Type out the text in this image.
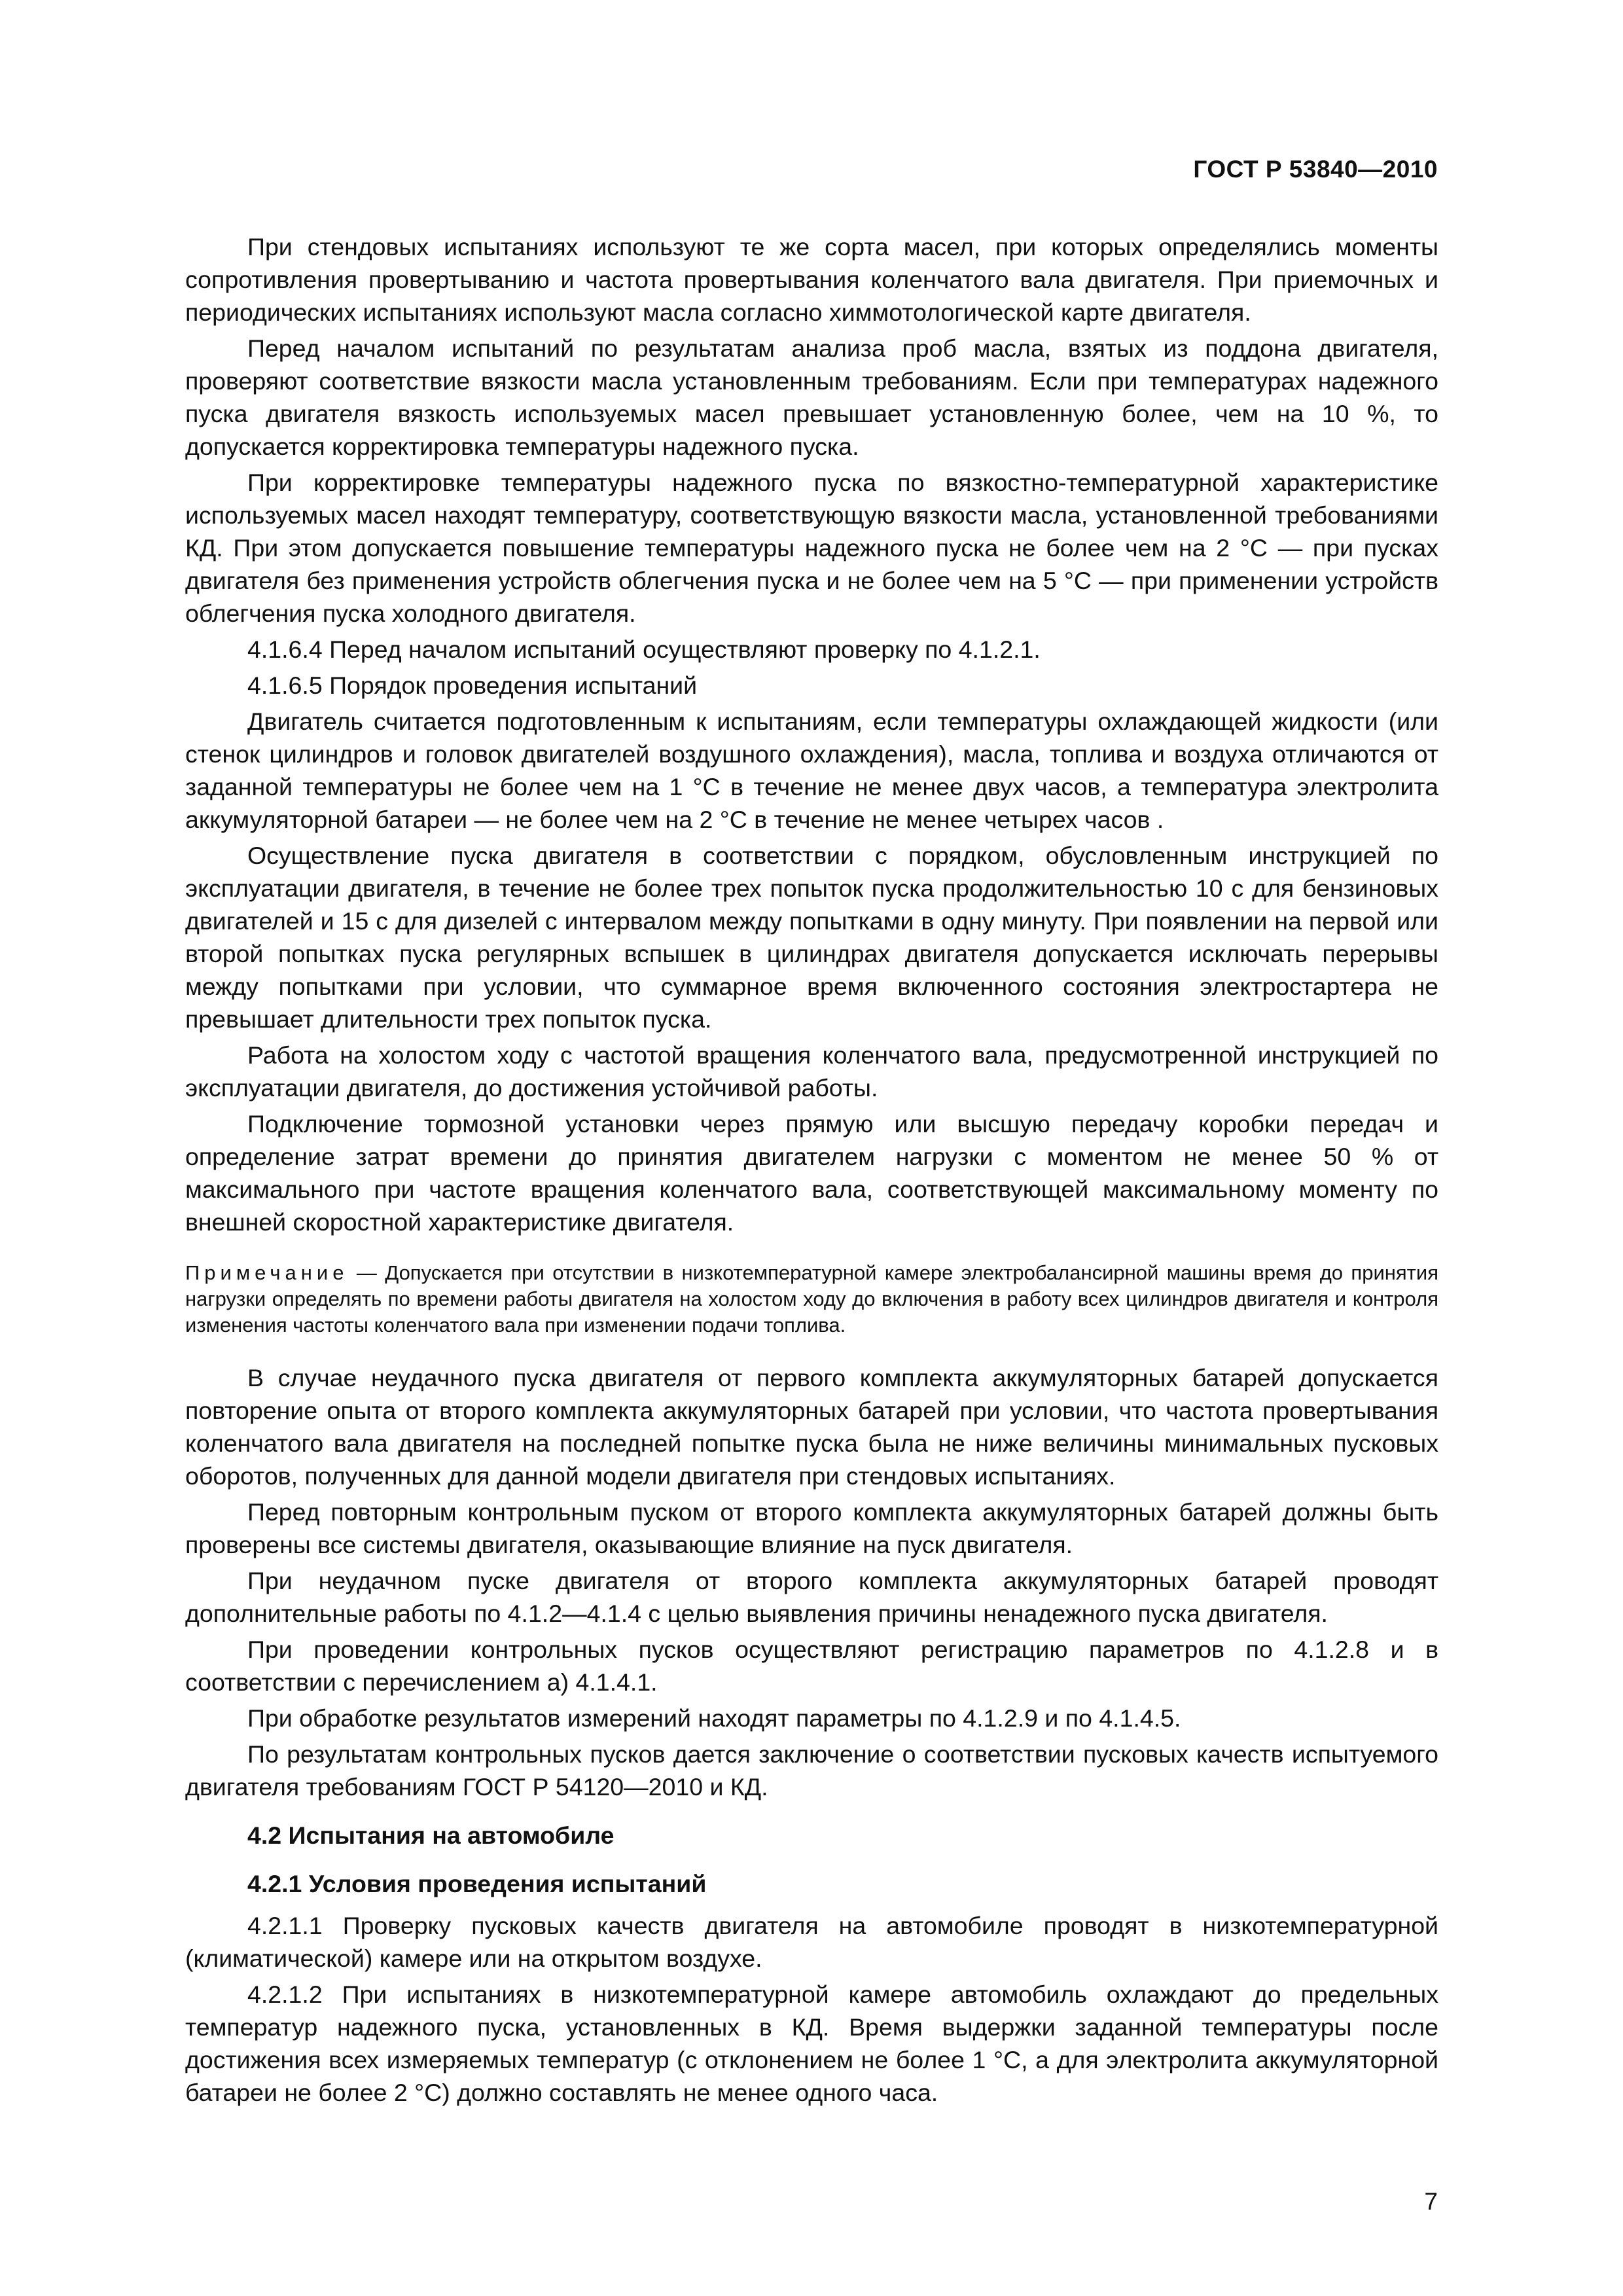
ГОСТ Р 53840—2010

При стендовых испытаниях используют те же сорта масел, при которых определялись моменты сопротивления провертыванию и частота провертывания коленчатого вала двигателя. При приемочных и периодических испытаниях используют масла согласно химмотологической карте двигателя.

Перед началом испытаний по результатам анализа проб масла, взятых из поддона двигателя, проверяют соответствие вязкости масла установленным требованиям. Если при температурах надежного пуска двигателя вязкость используемых масел превышает установленную более, чем на 10 %, то допускается корректировка температуры надежного пуска.

При корректировке температуры надежного пуска по вязкостно-температурной характеристике используемых масел находят температуру, соответствующую вязкости масла, установленной требованиями КД. При этом допускается повышение температуры надежного пуска не более чем на 2 °С — при пусках двигателя без применения устройств облегчения пуска и не более чем на 5 °С — при применении устройств облегчения пуска холодного двигателя.

4.1.6.4 Перед началом испытаний осуществляют проверку по 4.1.2.1.

4.1.6.5 Порядок проведения испытаний

Двигатель считается подготовленным к испытаниям, если температуры охлаждающей жидкости (или стенок цилиндров и головок двигателей воздушного охлаждения), масла, топлива и воздуха отличаются от заданной температуры не более чем на 1 °С в течение не менее двух часов, а температура электролита аккумуляторной батареи — не более чем на 2 °С в течение не менее четырех часов .

Осуществление пуска двигателя в соответствии с порядком, обусловленным инструкцией по эксплуатации двигателя, в течение не более трех попыток пуска продолжительностью 10 с для бензиновых двигателей и 15 с для дизелей с интервалом между попытками в одну минуту. При появлении на первой или второй попытках пуска регулярных вспышек в цилиндрах двигателя допускается исключать перерывы между попытками при условии, что суммарное время включенного состояния электростартера не превышает длительности трех попыток пуска.

Работа на холостом ходу с частотой вращения коленчатого вала, предусмотренной инструкцией по эксплуатации двигателя, до достижения устойчивой работы.

Подключение тормозной установки через прямую или высшую передачу коробки передач и определение затрат времени до принятия двигателем нагрузки с моментом не менее 50 % от максимального при частоте вращения коленчатого вала, соответствующей максимальному моменту по внешней скоростной характеристике двигателя.

Примечание — Допускается при отсутствии в низкотемпературной камере электробалансирной машины время до принятия нагрузки определять по времени работы двигателя на холостом ходу до включения в работу всех цилиндров двигателя и контроля изменения частоты коленчатого вала при изменении подачи топлива.

В случае неудачного пуска двигателя от первого комплекта аккумуляторных батарей допускается повторение опыта от второго комплекта аккумуляторных батарей при условии, что частота провертывания коленчатого вала двигателя на последней попытке пуска была не ниже величины минимальных пусковых оборотов, полученных для данной модели двигателя при стендовых испытаниях.

Перед повторным контрольным пуском от второго комплекта аккумуляторных батарей должны быть проверены все системы двигателя, оказывающие влияние на пуск двигателя.

При неудачном пуске двигателя от второго комплекта аккумуляторных батарей проводят дополнительные работы по 4.1.2—4.1.4 с целью выявления причины ненадежного пуска двигателя.

При проведении контрольных пусков осуществляют регистрацию параметров по 4.1.2.8 и в соответствии с перечислением а) 4.1.4.1.

При обработке результатов измерений находят параметры по 4.1.2.9 и по 4.1.4.5.

По результатам контрольных пусков дается заключение о соответствии пусковых качеств испытуемого двигателя требованиям ГОСТ Р 54120—2010 и КД.

4.2 Испытания на автомобиле
4.2.1 Условия проведения испытаний

4.2.1.1 Проверку пусковых качеств двигателя на автомобиле проводят в низкотемпературной (климатической) камере или на открытом воздухе.

4.2.1.2 При испытаниях в низкотемпературной камере автомобиль охлаждают до предельных температур надежного пуска, установленных в КД. Время выдержки заданной температуры после достижения всех измеряемых температур (с отклонением не более 1 °С, а для электролита аккумуляторной батареи не более 2 °С) должно составлять не менее одного часа.

7
